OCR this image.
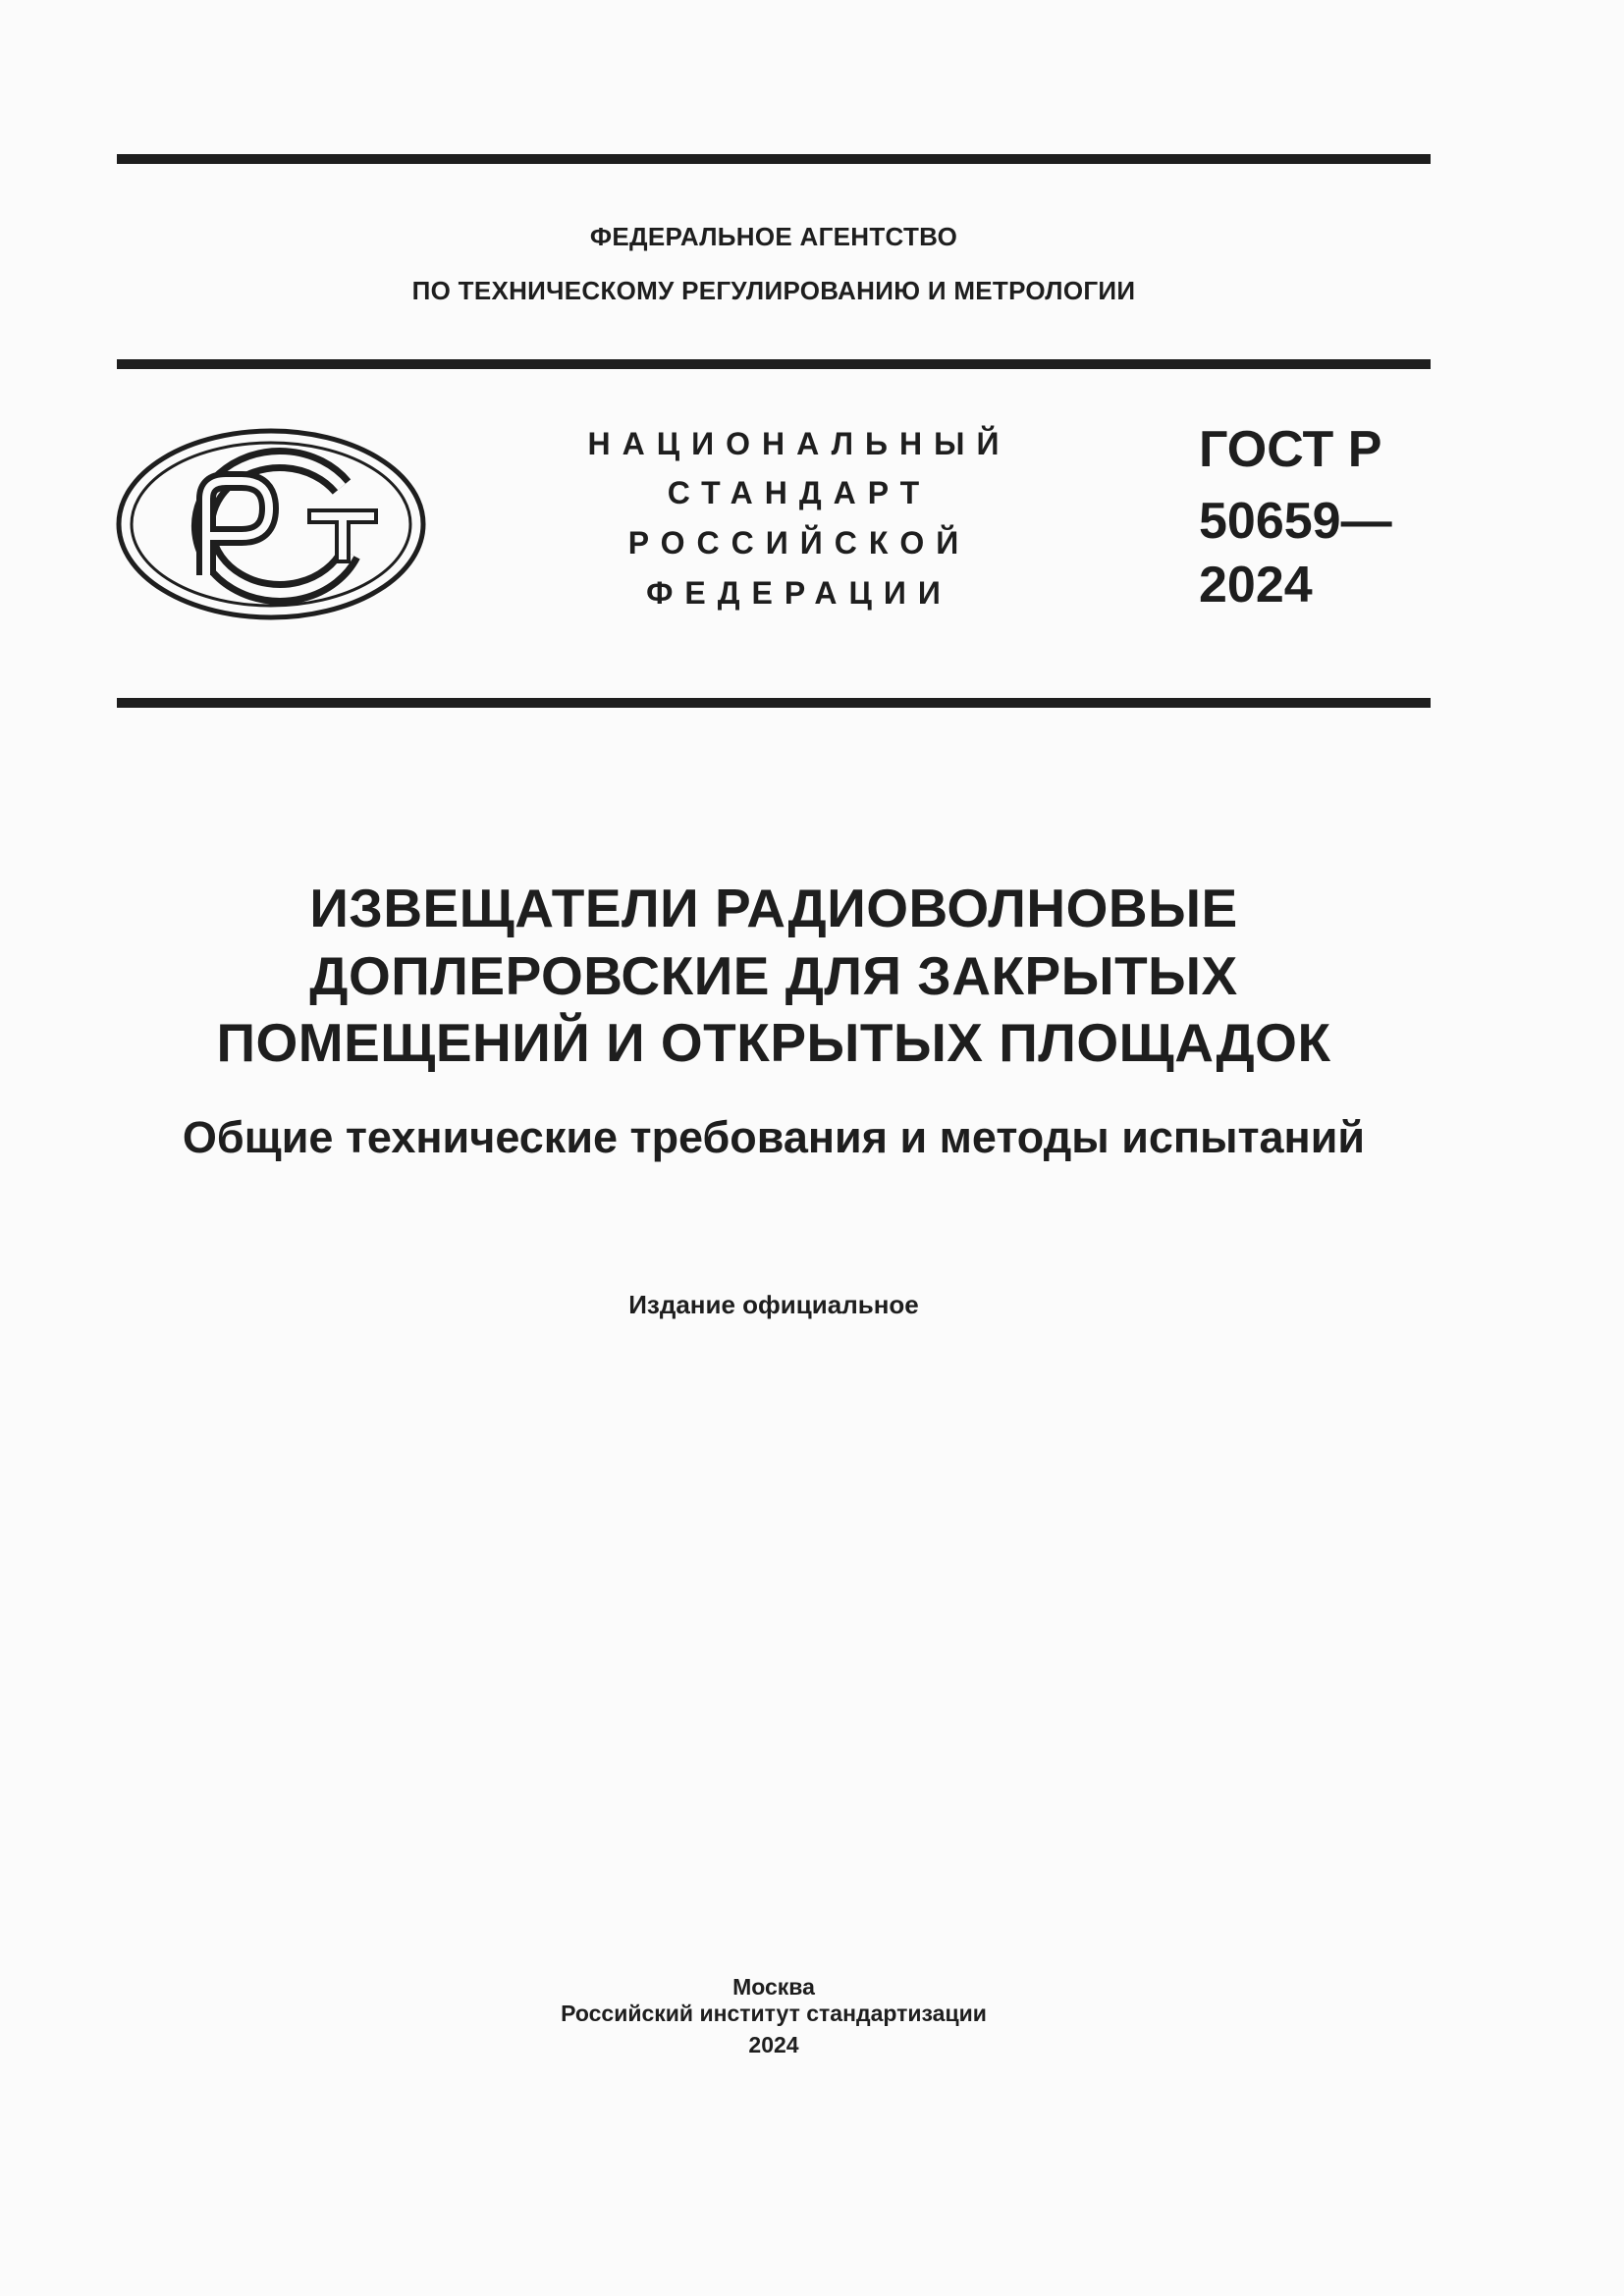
ФЕДЕРАЛЬНОЕ АГЕНТСТВО
ПО ТЕХНИЧЕСКОМУ РЕГУЛИРОВАНИЮ И МЕТРОЛОГИИ
НАЦИОНАЛЬНЫЙ
СТАНДАРТ
РОССИЙСКОЙ
ФЕДЕРАЦИИ
ГОСТ Р
50659—
2024
ИЗВЕЩАТЕЛИ РАДИОВОЛНОВЫЕ
ДОПЛЕРОВСКИЕ ДЛЯ ЗАКРЫТЫХ
ПОМЕЩЕНИЙ И ОТКРЫТЫХ ПЛОЩАДОК
Общие технические требования и методы испытаний
Издание официальное
Москва
Российский институт стандартизации
2024
